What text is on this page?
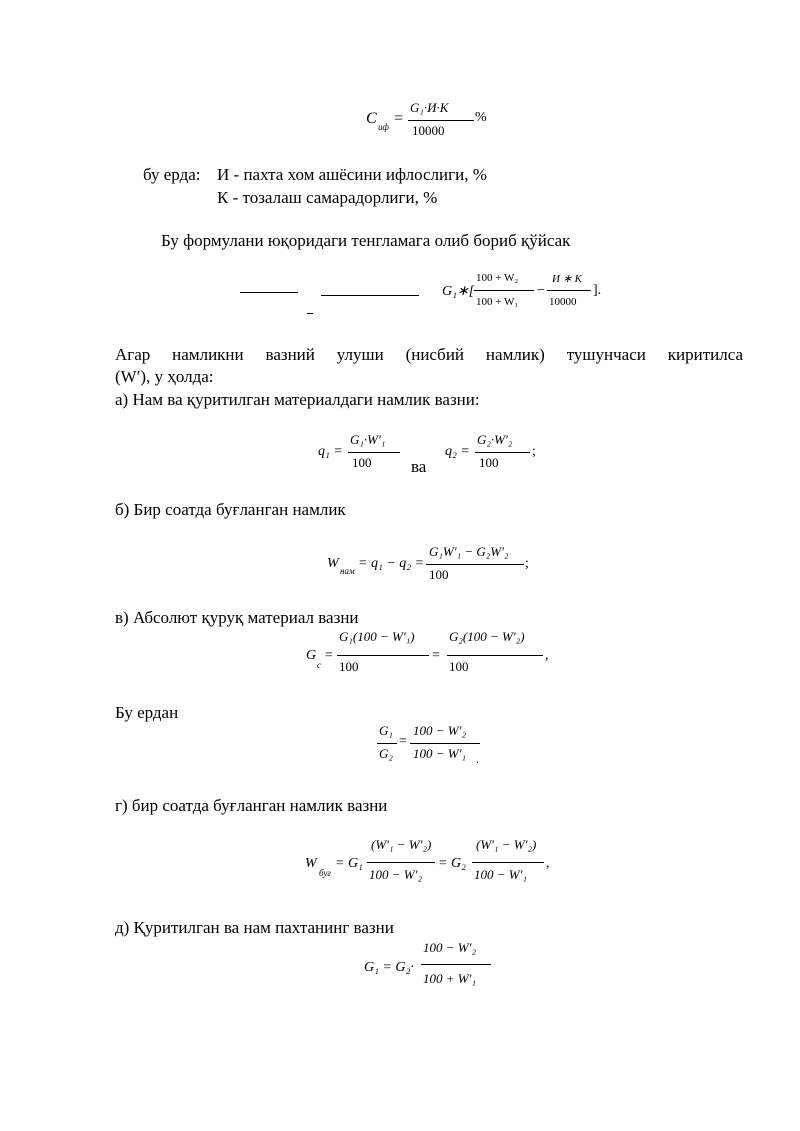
C иф =
G₁·И·K
10000
%
бу ерда: И - пахта хом ашёсини ифлослиги, %
К - тозалаш самарадорлиги, %
Бу формулани юқоридаги тенгламага олиб бориб қўйсак
G₁∗[
100 + W₂
100 + W₁
−
И ∗ K
10000
].
Агар намликни вазний улуши (нисбий намлик) тушунчаси киритилса
(W′), у ҳолда:
а) Нам ва қуритилган материалдаги намлик вазни:
q₁ =
G₁·W′₁
100 ва
q₂ =
G₂·W′₂
100
;
б) Бир соатда буғланган намлик
W нам = q₁ − q₂ =
G₁W′₁ − G₂W′₂
100
;
в) Абсолют қуруқ материал вазни
G
c
=
G₁(100 − W′₁)
100
=
G₂(100 − W′₂)
100
,
Бу ердан
G₁
G₂
=
100 − W′₂
100 − W′₁ .
г) бир соатда буғланган намлик вазни
W
буғ
= G₁
(W′₁ − W′₂)
100 − W′₂
= G₂
(W′₁ − W′₂)
100 − W′₁
,
д) Қуритилган ва нам пахтанинг вазни
G₁ = G₂·
100 − W′₂
100 + W′₁
